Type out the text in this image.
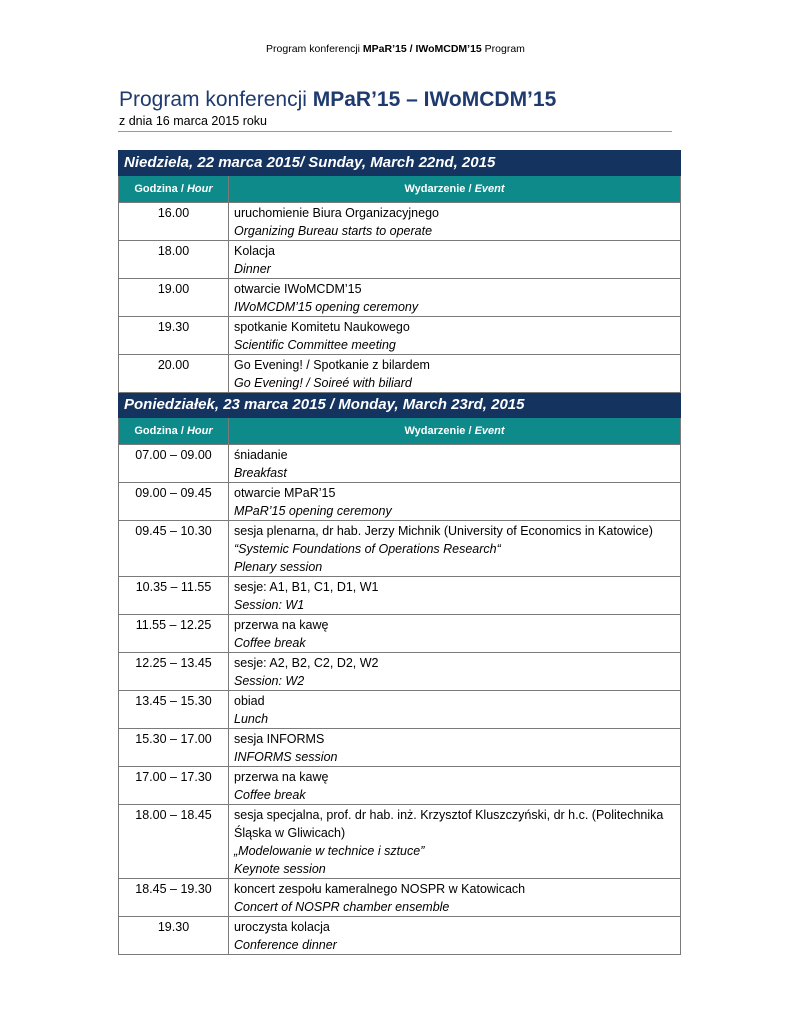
Program konferencji MPaR’15 / IWoMCDM’15 Program
Program konferencji MPaR’15 – IWoMCDM’15
z dnia 16 marca 2015 roku
Niedziela, 22 marca 2015/ Sunday, March 22nd, 2015	
Godzina / Hour	Wydarzenie / Event
16.00	uruchomienie Biura Organizacyjnego
Organizing Bureau starts to operate

18.00	Kolacja
Dinner

19.00	otwarcie IWoMCDM’15
IWoMCDM’15 opening ceremony

19.30	spotkanie Komitetu Naukowego
Scientific Committee meeting

20.00	Go Evening! / Spotkanie z bilardem
Go Evening! / Soireé with biliard

Poniedziałek, 23 marca 2015 / Monday, March 23rd, 2015	
Godzina / Hour	Wydarzenie / Event
07.00 – 09.00	śniadanie
Breakfast

09.00 – 09.45	otwarcie MPaR’15
MPaR’15 opening ceremony

09.45 – 10.30	sesja plenarna, dr hab. Jerzy Michnik (University of Economics in Katowice)
“Systemic Foundations of Operations Research“
Plenary session

10.35 – 11.55	sesje: A1, B1, C1, D1, W1
Session: W1

11.55 – 12.25	przerwa na kawę
Coffee break

12.25 – 13.45	sesje: A2, B2, C2, D2, W2
Session: W2

13.45 – 15.30	obiad
Lunch

15.30 – 17.00	sesja INFORMS
INFORMS session

17.00 – 17.30	przerwa na kawę
Coffee break

18.00 – 18.45	sesja specjalna, prof. dr hab. inż. Krzysztof Kluszczyński, dr h.c. (Politechnika Śląska w Gliwicach)
„Modelowanie w technice i sztuce”
Keynote session

18.45 – 19.30	koncert zespołu kameralnego NOSPR w Katowicach
Concert of NOSPR chamber ensemble

19.30	uroczysta kolacja
Conference dinner
